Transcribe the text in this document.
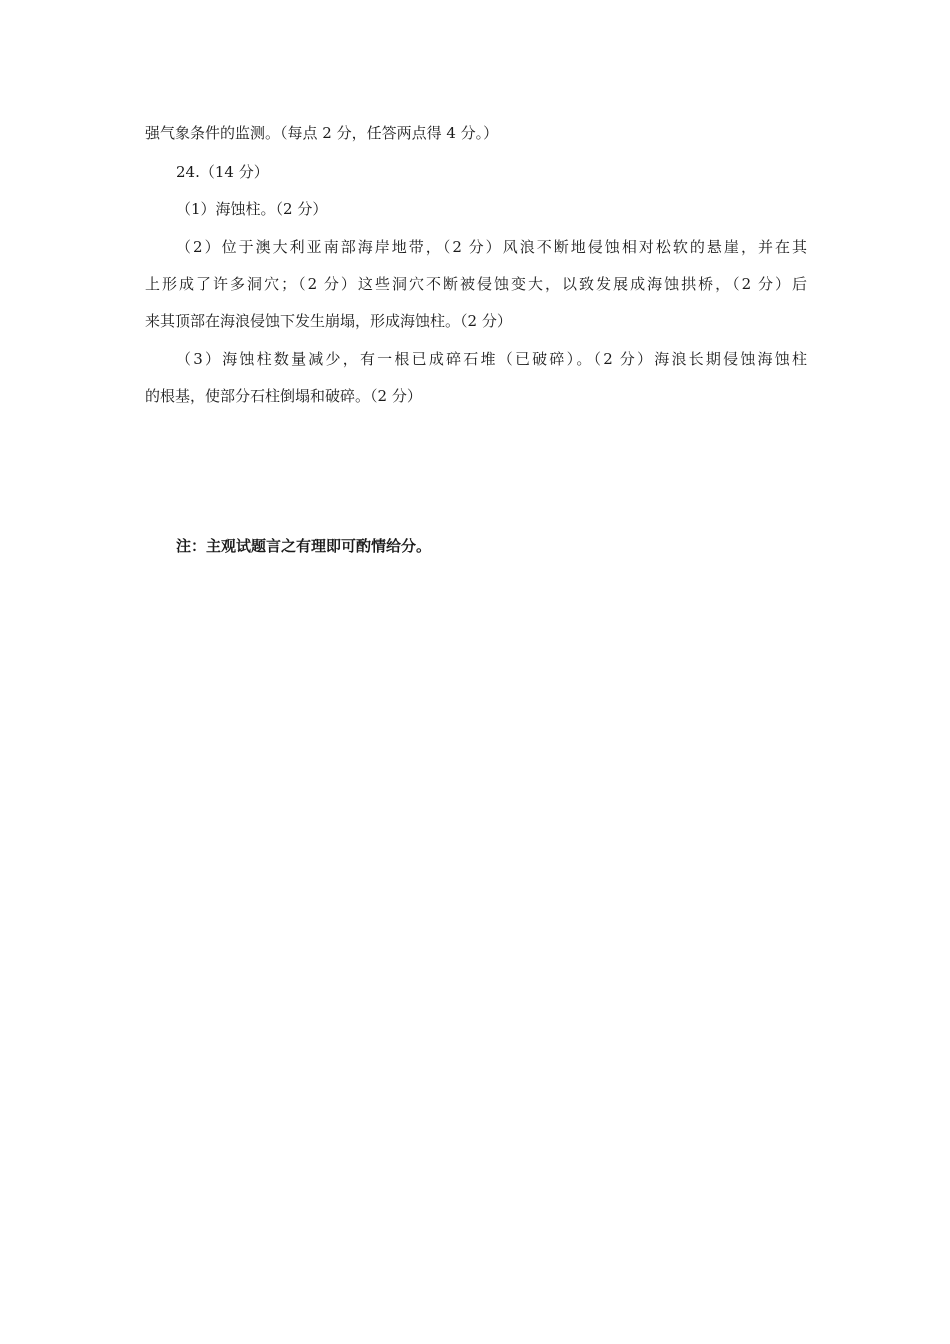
强气象条件的监测。（每点 2 分，任答两点得 4 分。）
24.（14 分）
（1）海蚀柱。（2 分）
（2）位于澳大利亚南部海岸地带，（2 分）风浪不断地侵蚀相对松软的悬崖，并在其
上形成了许多洞穴；（2 分）这些洞穴不断被侵蚀变大，以致发展成海蚀拱桥，（2 分）后
来其顶部在海浪侵蚀下发生崩塌，形成海蚀柱。（2 分）
（3）海蚀柱数量减少，有一根已成碎石堆（已破碎）。（2 分）海浪长期侵蚀海蚀柱
的根基，使部分石柱倒塌和破碎。（2 分）
注：主观试题言之有理即可酌情给分。
